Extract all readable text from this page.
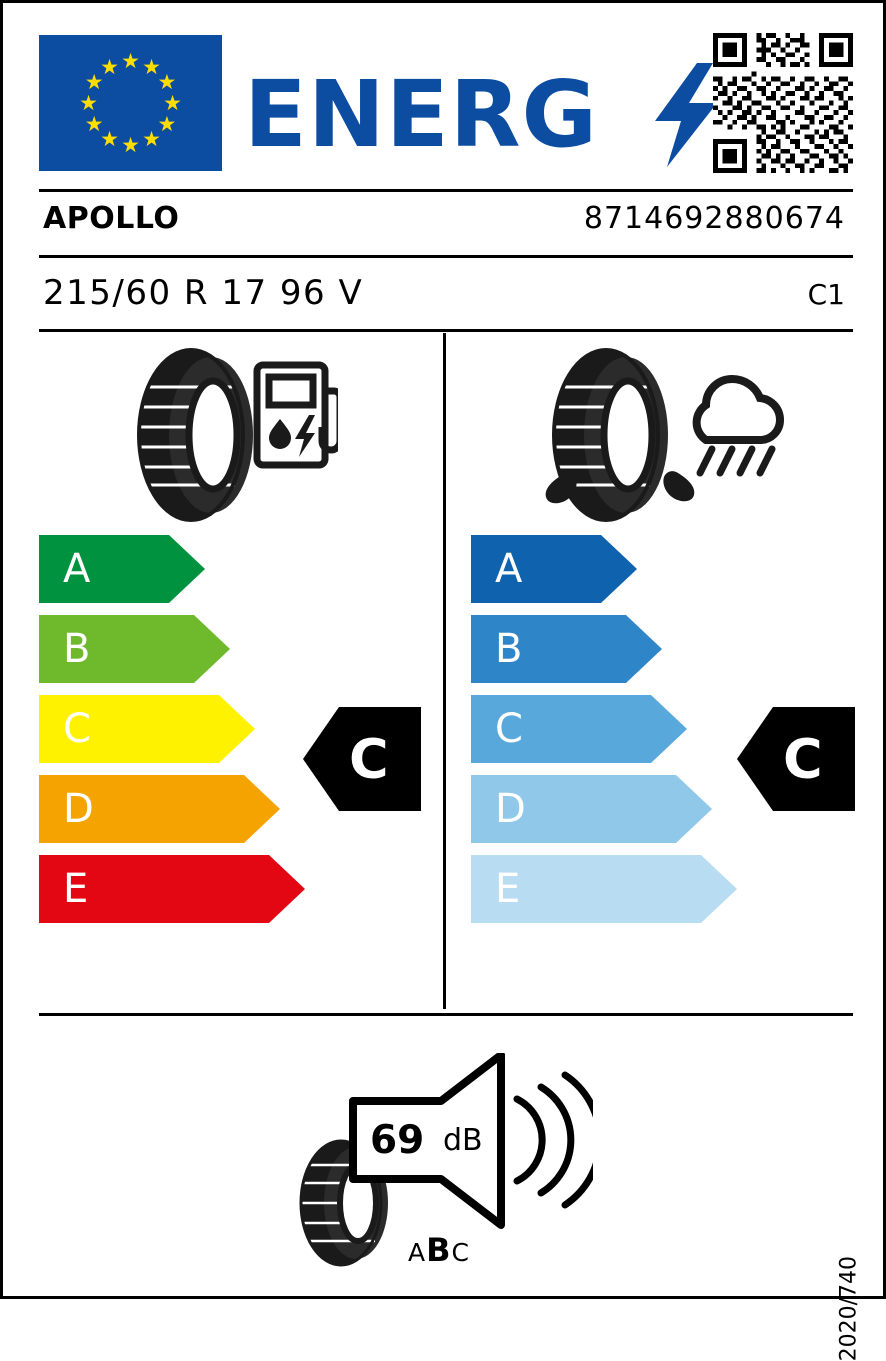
★ ★
★
★
★
★
★
★
★
★
★
★ ENERG
APOLLO	8714692880674
215/60 R 17 96 V	C1
A
B
C
D
E
A
B
C
D
E
C	C
69 dB
ABC
2020/740
